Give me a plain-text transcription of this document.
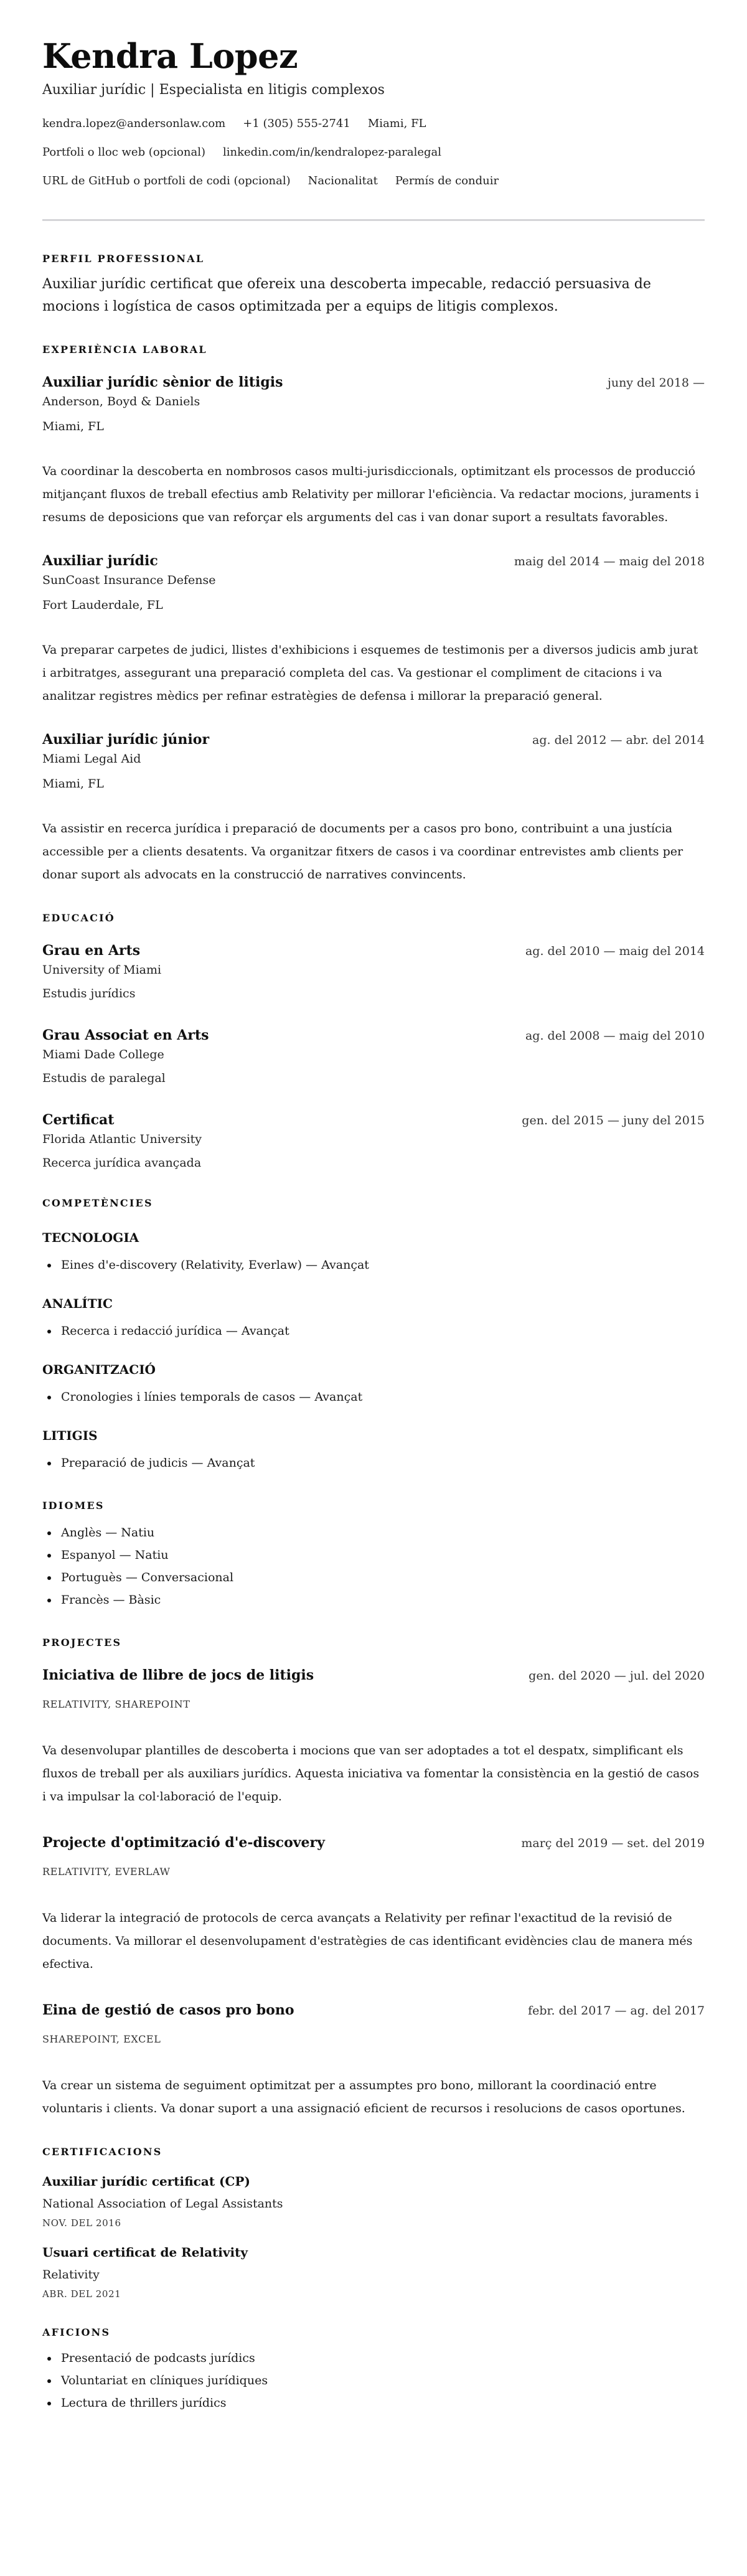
Kendra Lopez
Auxiliar jurídic | Especialista en litigis complexos
kendra.lopez@andersonlaw.com +1 (305) 555-2741 Miami, FL
Portfoli o lloc web (opcional) linkedin.com/in/kendralopez-paralegal
URL de GitHub o portfoli de codi (opcional) Nacionalitat Permís de conduir
PERFIL PROFESSIONAL

Auxiliar jurídic certificat que ofereix una descoberta impecable, redacció persuasiva de mocions i logística de casos optimitzada per a equips de litigis complexos.

EXPERIÈNCIA LABORAL
Auxiliar jurídic sènior de litigis	juny del 2018 —
Anderson, Boyd & Daniels
Miami, FL

Va coordinar la descoberta en nombrosos casos multi-jurisdiccionals, optimitzant els processos de producció mitjançant fluxos de treball efectius amb Relativity per millorar l'eficiència. Va redactar mocions, juraments i resums de deposicions que van reforçar els arguments del cas i van donar suport a resultats favorables.

Auxiliar jurídic	maig del 2014 — maig del 2018
SunCoast Insurance Defense
Fort Lauderdale, FL

Va preparar carpetes de judici, llistes d'exhibicions i esquemes de testimonis per a diversos judicis amb jurat i arbitratges, assegurant una preparació completa del cas. Va gestionar el compliment de citacions i va analitzar registres mèdics per refinar estratègies de defensa i millorar la preparació general.

Auxiliar jurídic júnior	ag. del 2012 — abr. del 2014
Miami Legal Aid
Miami, FL

Va assistir en recerca jurídica i preparació de documents per a casos pro bono, contribuint a una justícia accessible per a clients desatents. Va organitzar fitxers de casos i va coordinar entrevistes amb clients per donar suport als advocats en la construcció de narratives convincents.

EDUCACIÓ
Grau en Arts	ag. del 2010 — maig del 2014
University of Miami
Estudis jurídics
Grau Associat en Arts	ag. del 2008 — maig del 2010
Miami Dade College
Estudis de paralegal
Certificat	gen. del 2015 — juny del 2015
Florida Atlantic University
Recerca jurídica avançada
COMPETÈNCIES
TECNOLOGIA
Eines d'e-discovery (Relativity, Everlaw) — Avançat
ANALÍTIC
Recerca i redacció jurídica — Avançat
ORGANITZACIÓ
Cronologies i línies temporals de casos — Avançat
LITIGIS
Preparació de judicis — Avançat
IDIOMES
Anglès — Natiu
Espanyol — Natiu
Portuguès — Conversacional
Francès — Bàsic
PROJECTES
Iniciativa de llibre de jocs de litigis	gen. del 2020 — jul. del 2020
RELATIVITY, SHAREPOINT

Va desenvolupar plantilles de descoberta i mocions que van ser adoptades a tot el despatx, simplificant els fluxos de treball per als auxiliars jurídics. Aquesta iniciativa va fomentar la consistència en la gestió de casos i va impulsar la col·laboració de l'equip.

Projecte d'optimització d'e-discovery	març del 2019 — set. del 2019
RELATIVITY, EVERLAW

Va liderar la integració de protocols de cerca avançats a Relativity per refinar l'exactitud de la revisió de documents. Va millorar el desenvolupament d'estratègies de cas identificant evidències clau de manera més efectiva.

Eina de gestió de casos pro bono	febr. del 2017 — ag. del 2017
SHAREPOINT, EXCEL

Va crear un sistema de seguiment optimitzat per a assumptes pro bono, millorant la coordinació entre voluntaris i clients. Va donar suport a una assignació eficient de recursos i resolucions de casos oportunes.

CERTIFICACIONS
Auxiliar jurídic certificat (CP)
National Association of Legal Assistants
NOV. DEL 2016
Usuari certificat de Relativity
Relativity
ABR. DEL 2021
AFICIONS
Presentació de podcasts jurídics
Voluntariat en clíniques jurídiques
Lectura de thrillers jurídics
